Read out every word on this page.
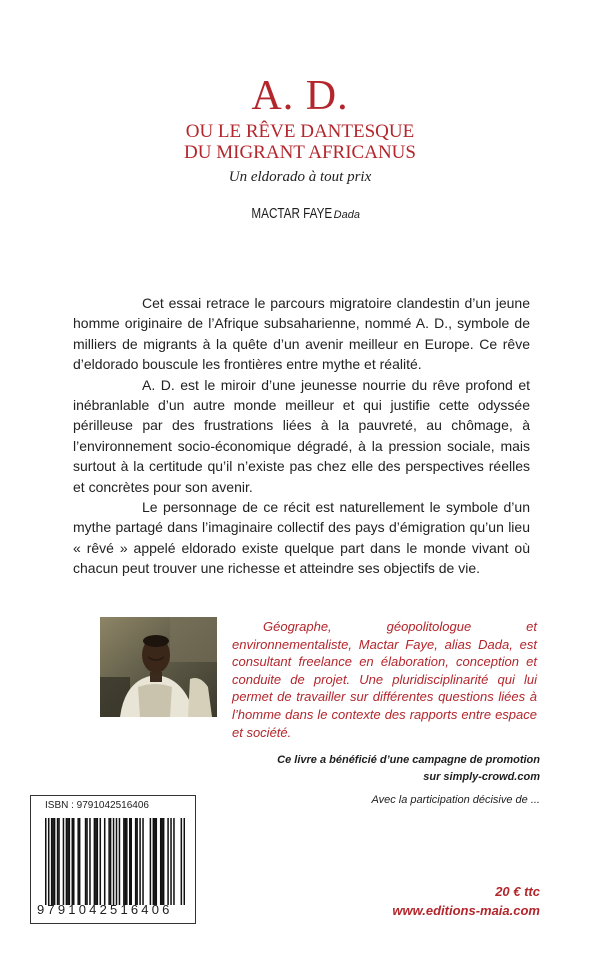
A. D.
OU LE RÊVE DANTESQUE
DU MIGRANT AFRICANUS
Un eldorado à tout prix
MACTAR FAYEDada

Cet essai retrace le parcours migratoire clandestin d’un jeune homme originaire de l’Afrique subsaharienne, nommé A. D., symbole de milliers de migrants à la quête d’un avenir meilleur en Europe. Ce rêve d’eldorado bouscule les frontières entre mythe et réalité.

A. D. est le miroir d’une jeunesse nourrie du rêve profond et inébranlable d’un autre monde meilleur et qui justifie cette odyssée périlleuse par des frustrations liées à la pauvreté, au chômage, à l’environnement socio-économique dégradé, à la pression sociale, mais surtout à la certitude qu’il n’existe pas chez elle des perspectives réelles et concrètes pour son avenir.

Le personnage de ce récit est naturellement le symbole d’un mythe partagé dans l’imaginaire collectif des pays d’émigration qu’un lieu « rêvé » appelé eldorado existe quelque part dans le monde vivant où chacun peut trouver une richesse et atteindre ses objectifs de vie.

Géographe, géopolitologue et environnementaliste, Mactar Faye, alias Dada, est consultant freelance en élaboration, conception et conduite de projet. Une pluridisciplinarité qui lui permet de travailler sur différentes questions liées à l’homme dans le contexte des rapports entre espace et société.
Ce livre a bénéficié d’une campagne de promotion
sur simply-crowd.com
Avec la participation décisive de ...
ISBN : 9791042516406
9791042516406
20 € ttc
www.editions-maia.com
